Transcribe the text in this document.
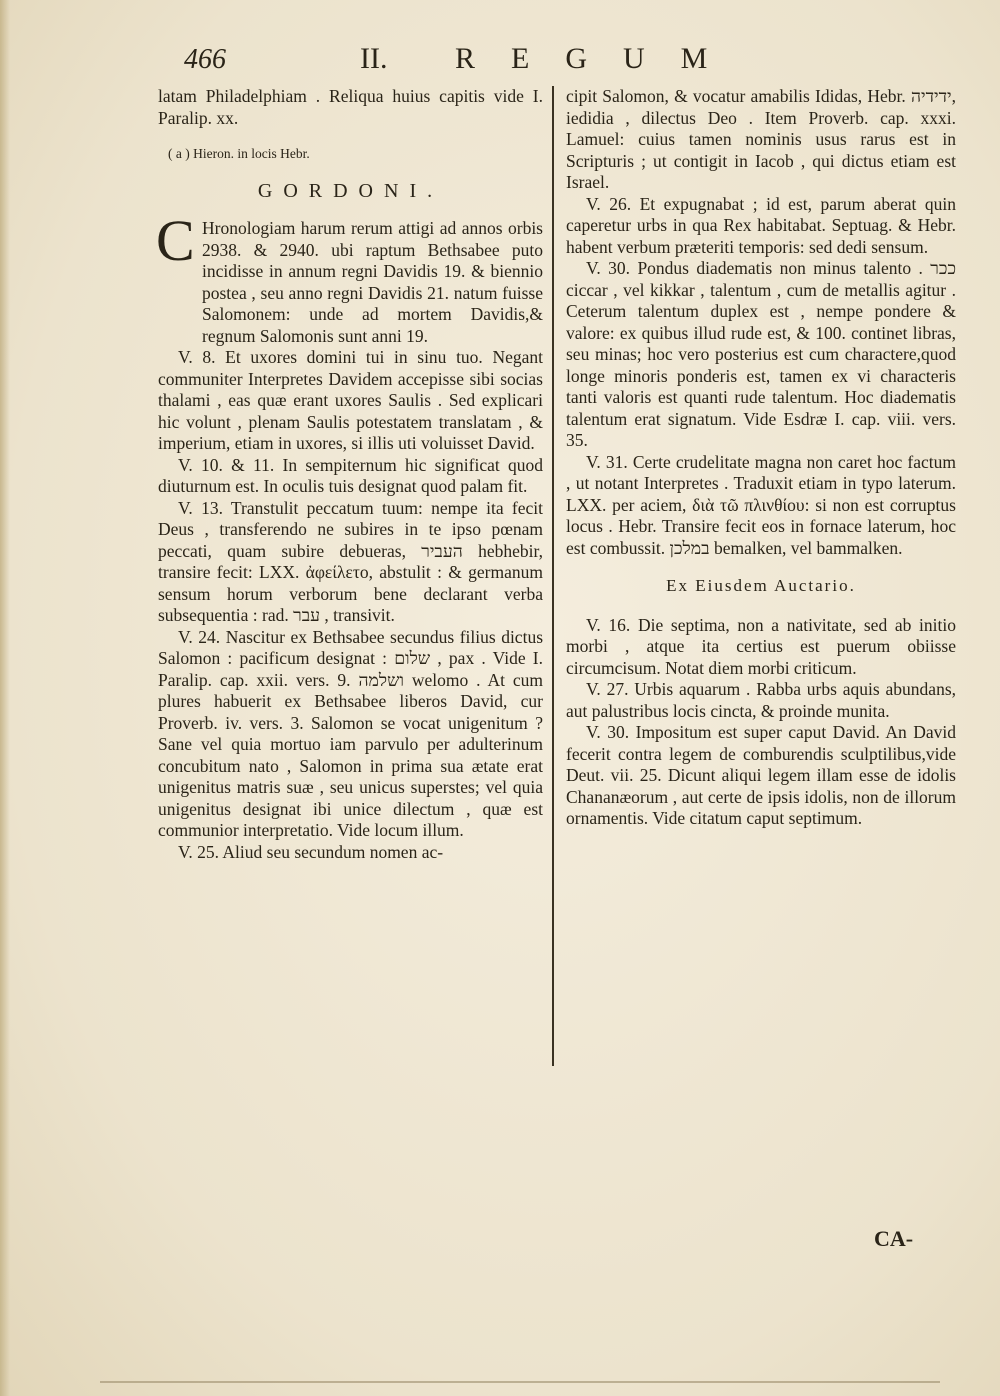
466	II. REGUM

latam Philadelphiam . Reliqua huius capitis vide I. Paralip. xx.

( a ) Hieron. in locis Hebr.
GORDONI.

C Hronologiam harum rerum attigi ad annos orbis 2938. & 2940. ubi raptum Bethsabee puto incidisse in annum regni Davidis 19. & biennio postea , seu anno regni Davidis 21. natum fuisse Salomonem: unde ad mortem Davidis,& regnum Salomonis sunt anni 19.

V. 8. Et uxores domini tui in sinu tuo. Negant communiter Interpretes Davidem accepisse sibi socias thalami , eas quæ erant uxores Saulis . Sed explicari hic volunt , plenam Saulis potestatem translatam , & imperium, etiam in uxores, si illis uti voluisset David.

V. 10. & 11. In sempiternum hic significat quod diuturnum est. In oculis tuis designat quod palam fit.

V. 13. Transtulit peccatum tuum: nempe ita fecit Deus , transferendo ne subires in te ipso pœnam peccati, quam subire debueras, העביר hebhebir, transire fecit: LXX. ἀφείλετο, abstulit : & germanum sensum horum verborum bene declarant verba subsequentia : rad. עבר , transivit.

V. 24. Nascitur ex Bethsabee secundus filius dictus Salomon : pacificum designat : שלום , pax . Vide I. Paralip. cap. xxii. vers. 9. ושלמה welomo . At cum plures habuerit ex Bethsabee liberos David, cur Proverb. iv. vers. 3. Salomon se vocat unigenitum ? Sane vel quia mortuo iam parvulo per adulterinum concubitum nato , Salomon in prima sua ætate erat unigenitus matris suæ , seu unicus superstes; vel quia unigenitus designat ibi unice dilectum , quæ est communior interpretatio. Vide locum illum.

V. 25. Aliud seu secundum nomen ac-

cipit Salomon, & vocatur amabilis Ididas, Hebr. ידידיה, iedidia , dilectus Deo . Item Proverb. cap. xxxi. Lamuel: cuius tamen nominis usus rarus est in Scripturis ; ut contigit in Iacob , qui dictus etiam est Israel.

V. 26. Et expugnabat ; id est, parum aberat quin caperetur urbs in qua Rex habitabat. Septuag. & Hebr. habent verbum præteriti temporis: sed dedi sensum.

V. 30. Pondus diadematis non minus talento . ככר ciccar , vel kikkar , talentum , cum de metallis agitur . Ceterum talentum duplex est , nempe pondere & valore: ex quibus illud rude est, & 100. continet libras, seu minas; hoc vero posterius est cum charactere,quod longe minoris ponderis est, tamen ex vi characteris tanti valoris est quanti rude talentum. Hoc diadematis talentum erat signatum. Vide Esdræ I. cap. viii. vers. 35.

V. 31. Certe crudelitate magna non caret hoc factum , ut notant Interpretes . Traduxit etiam in typo laterum. LXX. per aciem, διὰ τῶ πλινθίου: si non est corruptus locus . Hebr. Transire fecit eos in fornace laterum, hoc est combussit. במלכן bemalken, vel bammalken.

Ex Eiusdem Auctario.

V. 16. Die septima, non a nativitate, sed ab initio morbi , atque ita certius est puerum obiisse circumcisum. Notat diem morbi criticum.

V. 27. Urbis aquarum . Rabba urbs aquis abundans, aut palustribus locis cincta, & proinde munita.

V. 30. Impositum est super caput David. An David fecerit contra legem de comburendis sculptilibus,vide Deut. vii. 25. Dicunt aliqui legem illam esse de idolis Chananæorum , aut certe de ipsis idolis, non de illorum ornamentis. Vide citatum caput septimum.

CA-
